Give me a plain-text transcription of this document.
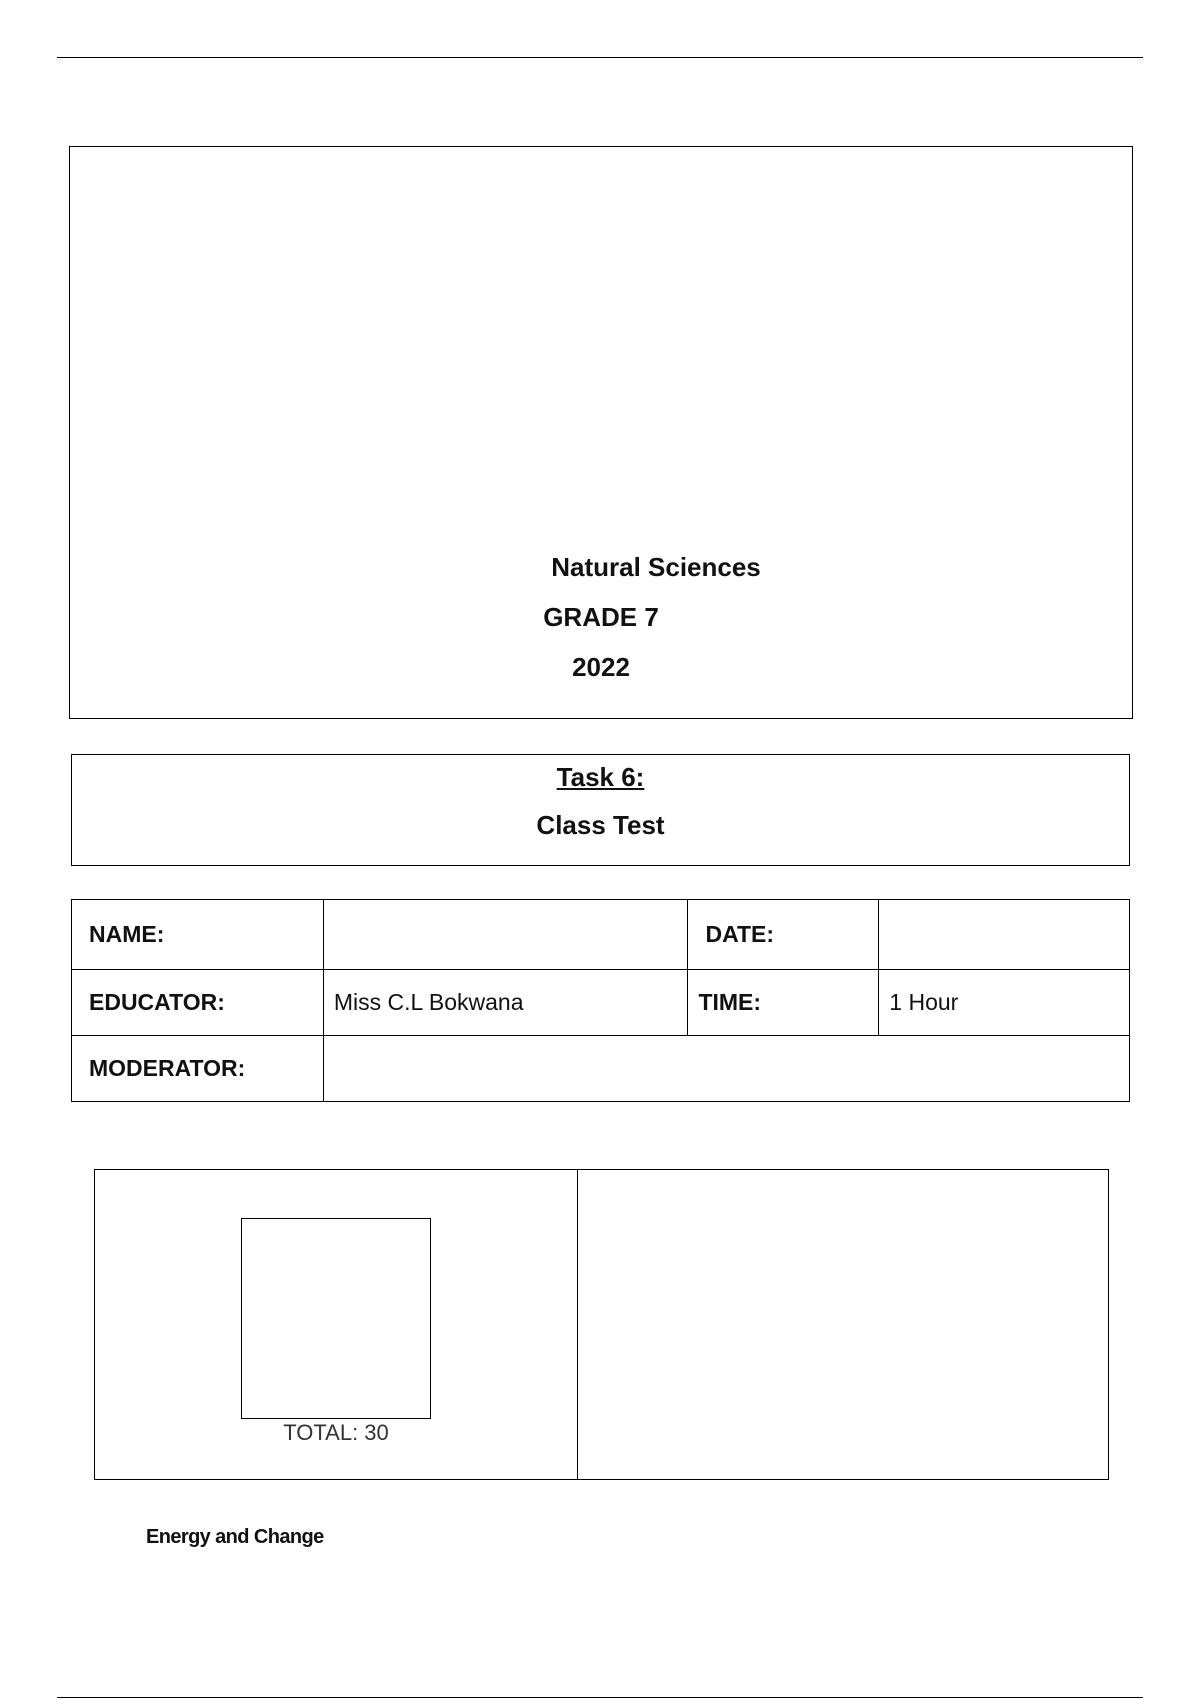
Natural Sciences
GRADE 7
2022
Task 6:
Class Test
NAME:		DATE:	
EDUCATOR:	Miss C.L Bokwana	TIME:	1 Hour
MODERATOR:			
TOTAL: 30
Energy and Change
